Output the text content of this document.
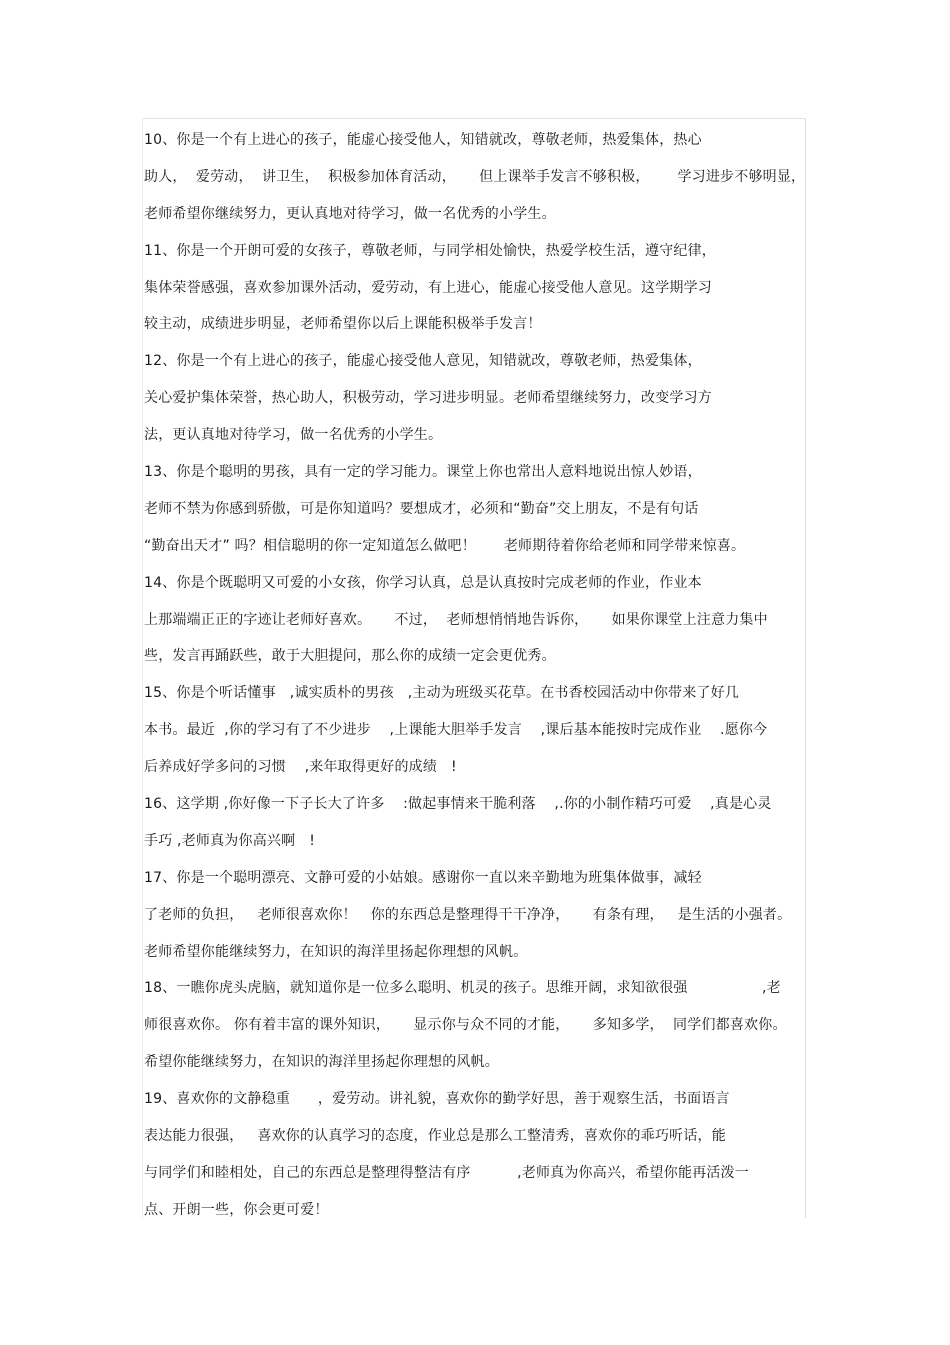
10、你是一个有上进心的孩子，能虚心接受他人，知错就改，尊敬老师，热爱集体，热心
助人，  爱劳动，  讲卫生，  积极参加体育活动，     但上课举手发言不够积极，      学习进步不够明显，
老师希望你继续努力，更认真地对待学习，做一名优秀的小学生。
11、你是一个开朗可爱的女孩子，尊敬老师，与同学相处愉快，热爱学校生活，遵守纪律，
集体荣誉感强，喜欢参加课外活动，爱劳动，有上进心，能虚心接受他人意见。这学期学习
较主动，成绩进步明显，老师希望你以后上课能积极举手发言！
12、你是一个有上进心的孩子，能虚心接受他人意见，知错就改，尊敬老师，热爱集体，
关心爱护集体荣誉，热心助人，积极劳动，学习进步明显。老师希望继续努力，改变学习方
法，更认真地对待学习，做一名优秀的小学生。
13、你是个聪明的男孩，具有一定的学习能力。课堂上你也常出人意料地说出惊人妙语，
老师不禁为你感到骄傲，可是你知道吗？要想成才，必须和“勤奋”交上朋友，不是有句话
“勤奋出天才” 吗？相信聪明的你一定知道怎么做吧！      老师期待着你给老师和同学带来惊喜。
14、你是个既聪明又可爱的小女孩，你学习认真，总是认真按时完成老师的作业，作业本
上那端端正正的字迹让老师好喜欢。     不过，  老师想悄悄地告诉你，     如果你课堂上注意力集中
些，发言再踊跃些，敢于大胆提问，那么你的成绩一定会更优秀。
15、你是个听话懂事   ,诚实质朴的男孩   ,主动为班级买花草。在书香校园活动中你带来了好几
本书。最近  ,你的学习有了不少进步    ,上课能大胆举手发言    ,课后基本能按时完成作业    .愿你今
后养成好学多问的习惯    ,来年取得更好的成绩   !
16、这学期 ,你好像一下子长大了许多    :做起事情来干脆利落    ,.你的小制作精巧可爱    ,真是心灵
手巧 ,老师真为你高兴啊   !
17、你是一个聪明漂亮、文静可爱的小姑娘。感谢你一直以来辛勤地为班集体做事，减轻
了老师的负担，   老师很喜欢你！   你的东西总是整理得干干净净，     有条有理，   是生活的小强者。
老师希望你能继续努力，在知识的海洋里扬起你理想的风帆。
18、一瞧你虎头虎脑，就知道你是一位多么聪明、机灵的孩子。思维开阔，求知欲很强                ,老
师很喜欢你。 你有着丰富的课外知识，     显示你与众不同的才能，     多知多学，  同学们都喜欢你。
希望你能继续努力，在知识的海洋里扬起你理想的风帆。
19、喜欢你的文静稳重      ，爱劳动。讲礼貌，喜欢你的勤学好思，善于观察生活，书面语言
表达能力很强，   喜欢你的认真学习的态度，作业总是那么工整清秀，喜欢你的乖巧听话，能
与同学们和睦相处，自己的东西总是整理得整洁有序          ,老师真为你高兴，希望你能再活泼一
点、开朗一些，你会更可爱！
